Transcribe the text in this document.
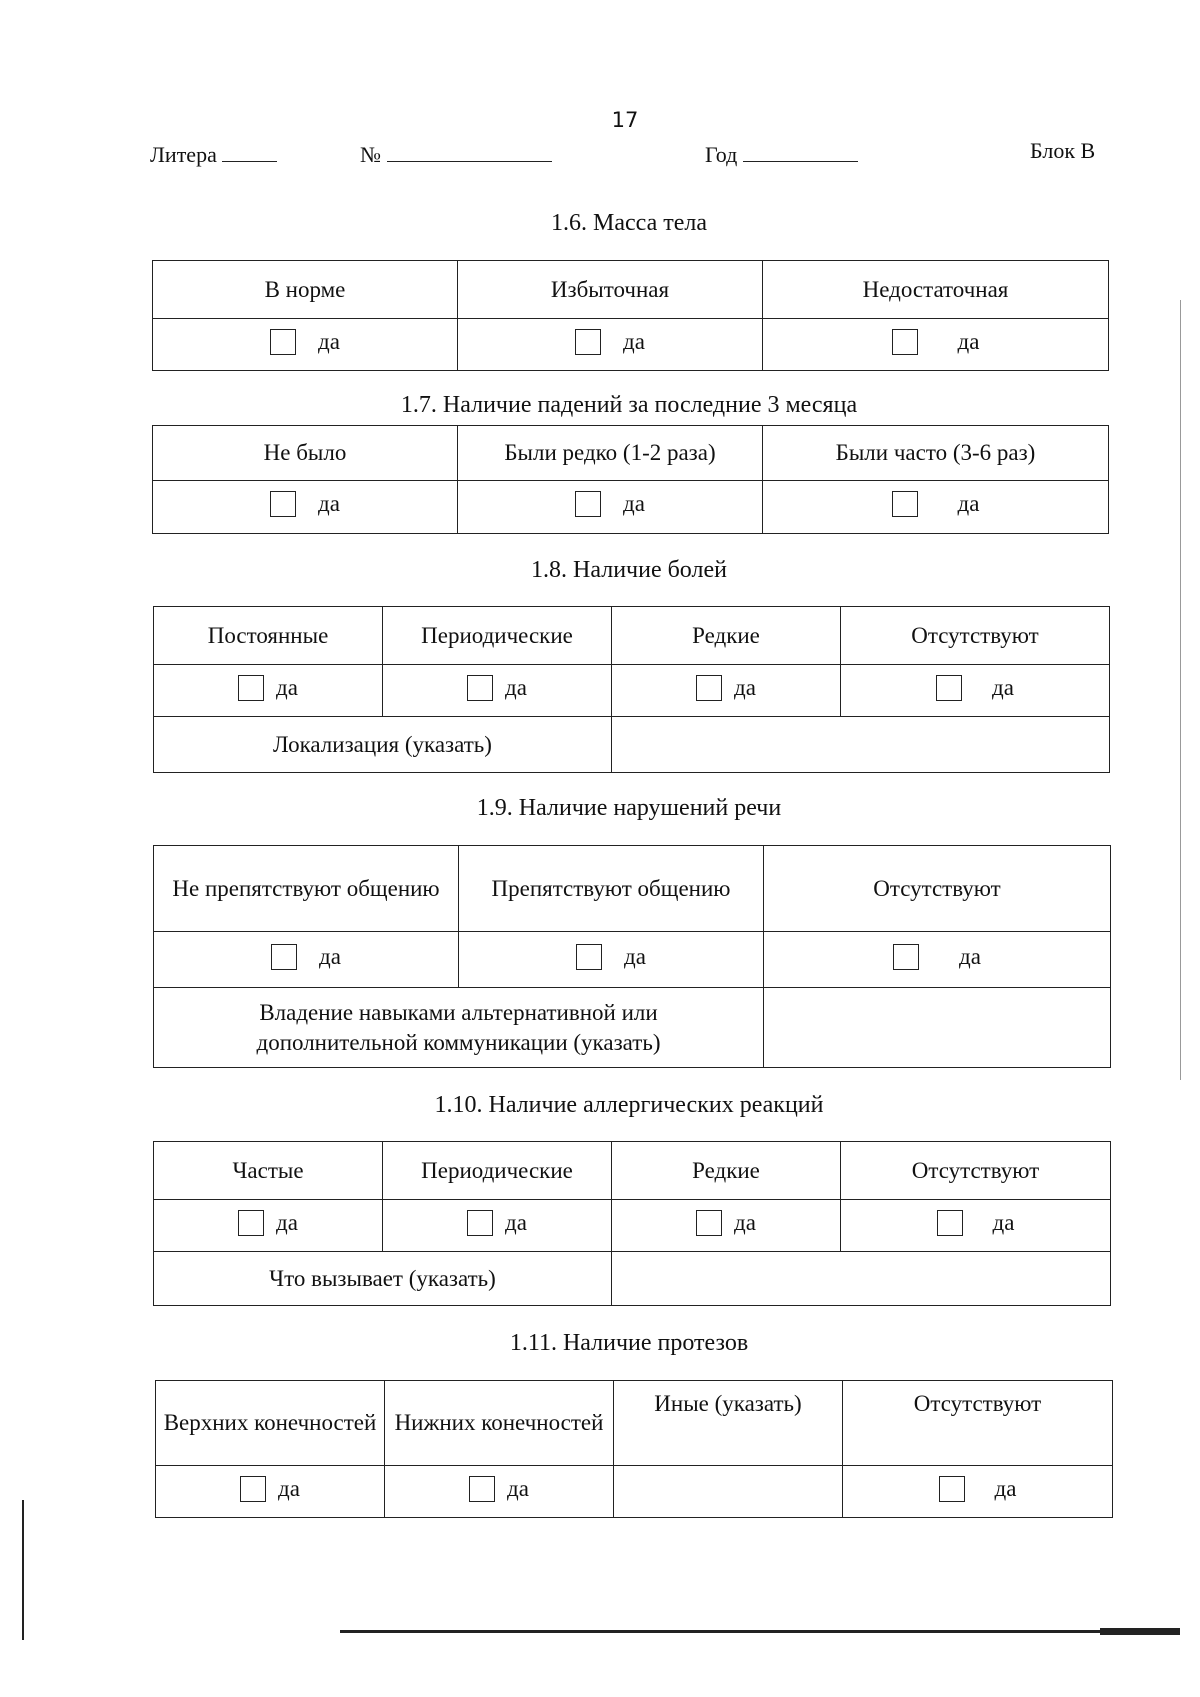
17
Литера	№	Год	Блок В
1.6. Масса тела
В норме	Избыточная	Недостаточная

да	да	да
1.7. Наличие падений за последние 3 месяца
Не было	Были редко (1-2 раза)	Были часто (3-6 раз)

да	да	да
1.8. Наличие болей
Постоянные	Периодические	Редкие	Отсутствуют

да	да	да	да

Локализация (указать)			
1.9. Наличие нарушений речи
Не препятствуют общению	Препятствуют общению	Отсутствуют

да	да	да

Владение навыками альтернативной или дополнительной коммуникации (указать)		
1.10. Наличие аллергических реакций
Частые	Периодические	Редкие	Отсутствуют

да	да	да	да

Что вызывает (указать)			
1.11. Наличие протезов
Верхних конечностей	Нижних конечностей	Иные (указать)	Отсутствуют

да	да		да
